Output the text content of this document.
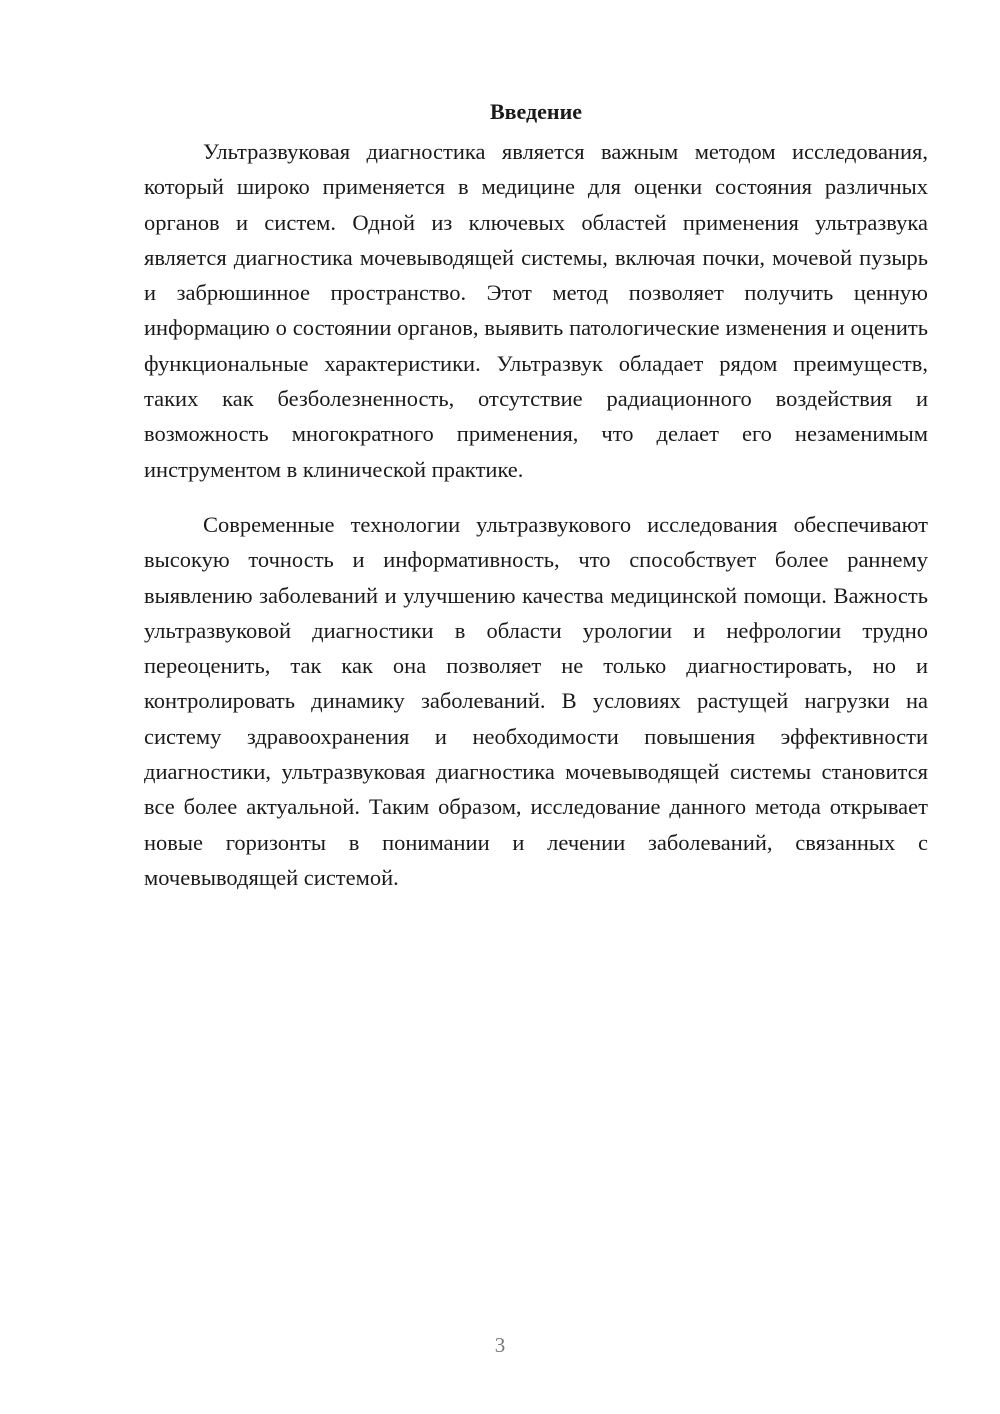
Введение

Ультразвуковая диагностика является важным методом исследования, который широко применяется в медицине для оценки состояния различных органов и систем. Одной из ключевых областей применения ультразвука является диагностика мочевыводящей системы, включая почки, мочевой пузырь и забрюшинное пространство. Этот метод позволяет получить ценную информацию о состоянии органов, выявить патологические изменения и оценить функциональные характеристики. Ультразвук обладает рядом преимуществ, таких как безболезненность, отсутствие радиационного воздействия и возможность многократного применения, что делает его незаменимым инструментом в клинической практике.

Современные технологии ультразвукового исследования обеспечивают высокую точность и информативность, что способствует более раннему выявлению заболеваний и улучшению качества медицинской помощи. Важность ультразвуковой диагностики в области урологии и нефрологии трудно переоценить, так как она позволяет не только диагностировать, но и контролировать динамику заболеваний. В условиях растущей нагрузки на систему здравоохранения и необходимости повышения эффективности диагностики, ультразвуковая диагностика мочевыводящей системы становится все более актуальной. Таким образом, исследование данного метода открывает новые горизонты в понимании и лечении заболеваний, связанных с мочевыводящей системой.

3
